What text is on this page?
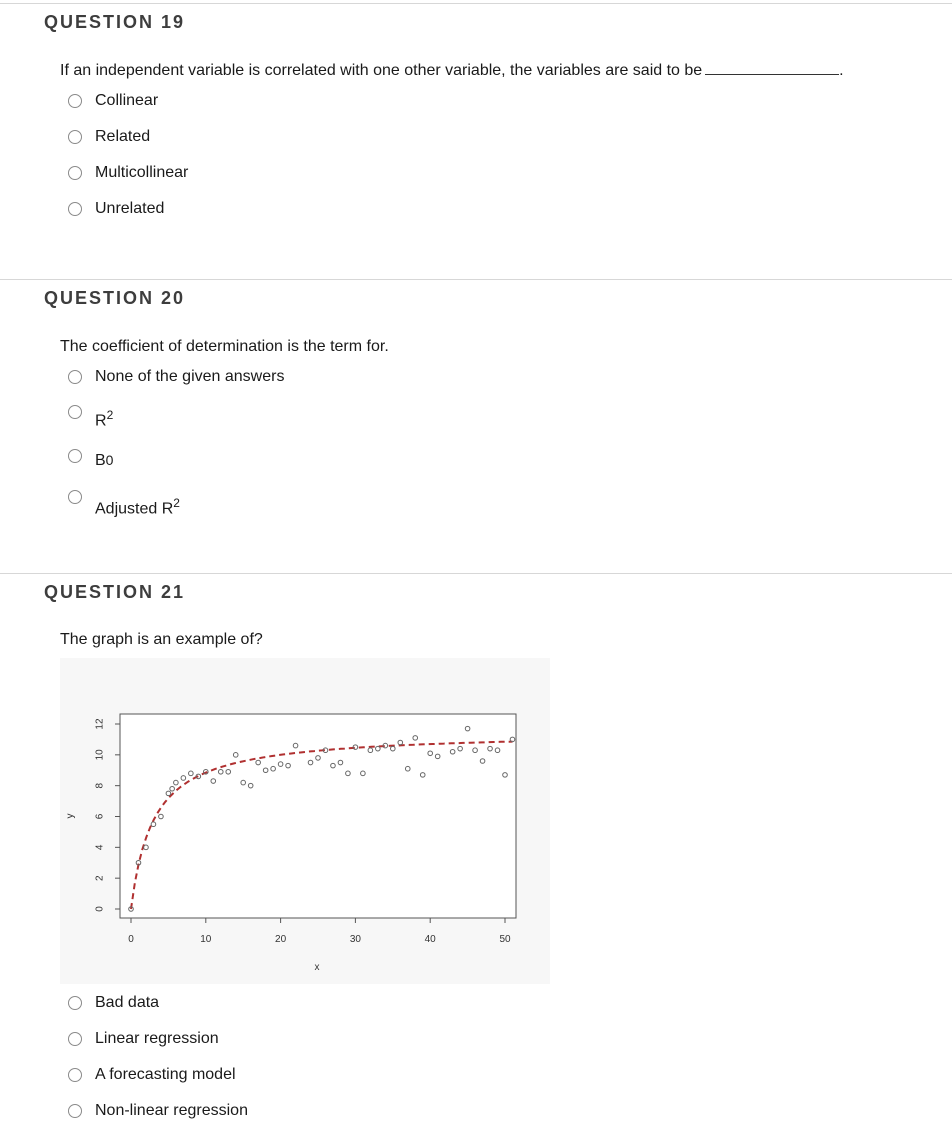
QUESTION 19
If an independent variable is correlated with one other variable, the variables are said to be	.
Collinear
Related
Multicollinear
Unrelated
QUESTION 20
The coefficient of determination is the term for.
None of the given answers
$R^2$
B0
Adjusted $R^2$
QUESTION 21
The graph is an example of?
0	10	20	30	40	50
0
2
4
6
8
10
12
x
y
Bad data
Linear regression
A forecasting model
Non-linear regression
